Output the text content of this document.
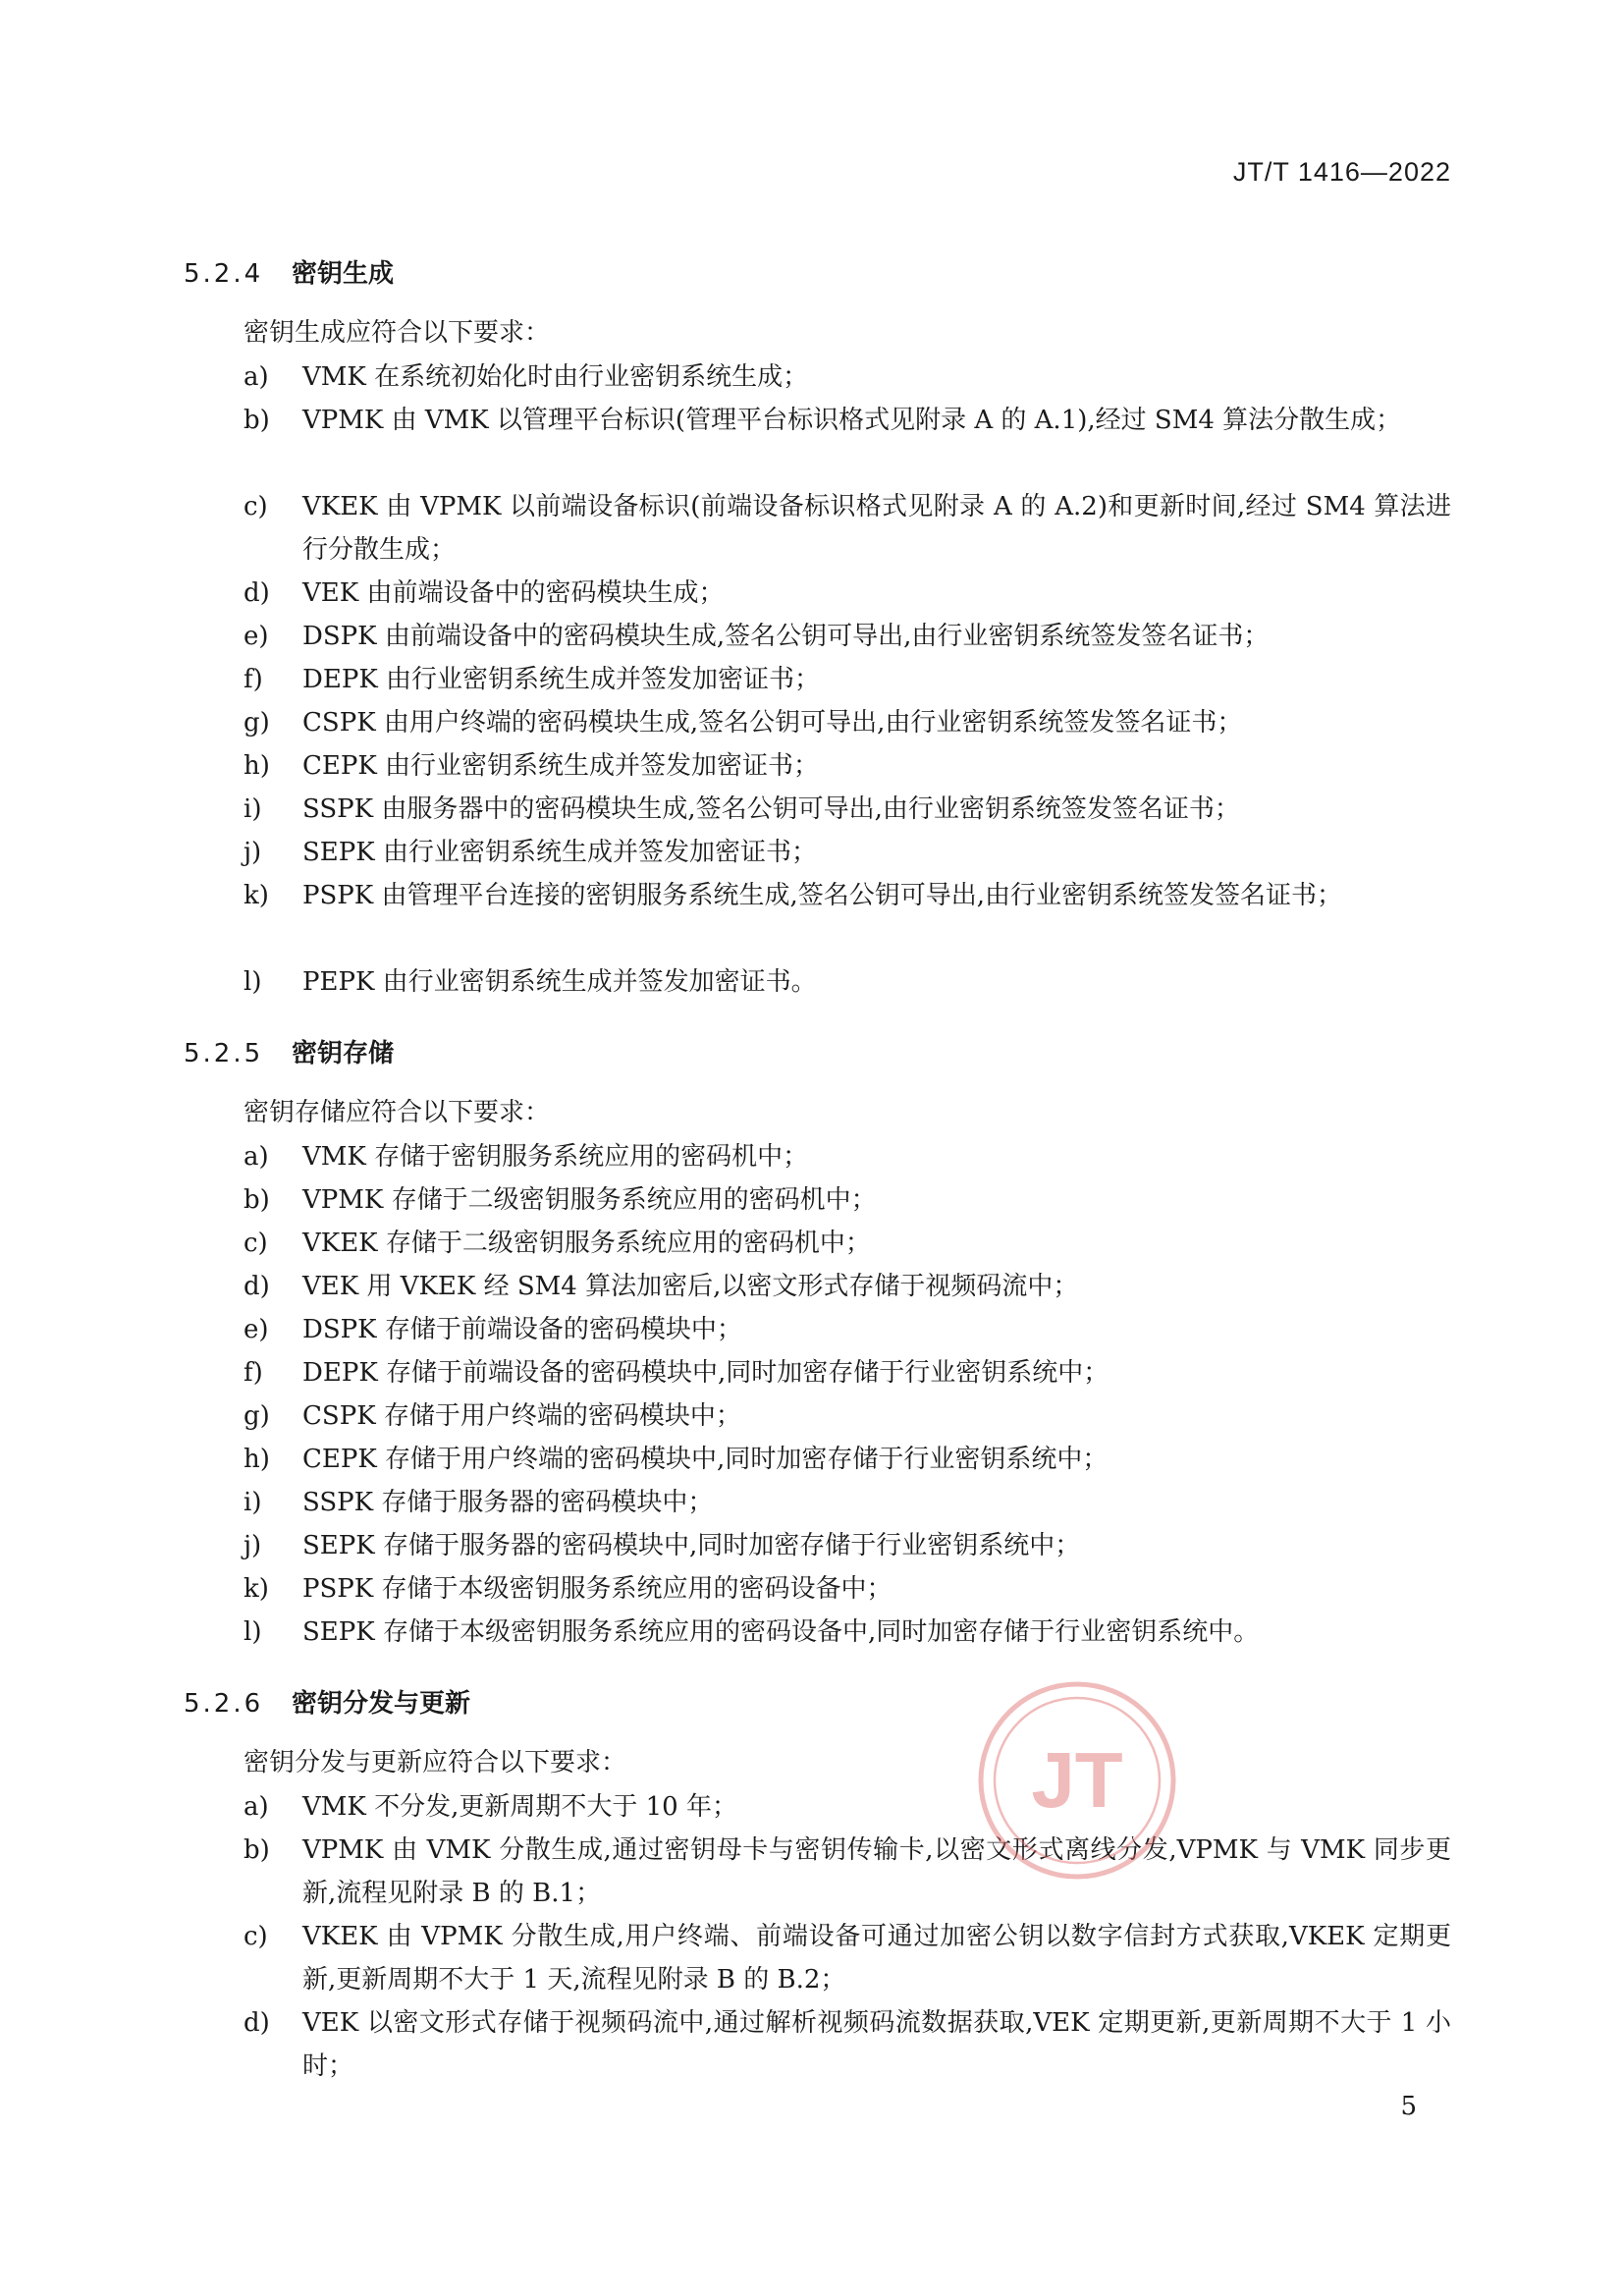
JT/T 1416—2022
5.2.4 密钥生成
密钥生成应符合以下要求：
a)	VMK 在系统初始化时由行业密钥系统生成；
b)	VPMK 由 VMK 以管理平台标识(管理平台标识格式见附录 A 的 A.1),经过 SM4 算法分散生成；
c)	VKEK 由 VPMK 以前端设备标识(前端设备标识格式见附录 A 的 A.2)和更新时间,经过 SM4 算法进行分散生成；
d)	VEK 由前端设备中的密码模块生成；
e)	DSPK 由前端设备中的密码模块生成,签名公钥可导出,由行业密钥系统签发签名证书；
f)	DEPK 由行业密钥系统生成并签发加密证书；
g)	CSPK 由用户终端的密码模块生成,签名公钥可导出,由行业密钥系统签发签名证书；
h)	CEPK 由行业密钥系统生成并签发加密证书；
i)	SSPK 由服务器中的密码模块生成,签名公钥可导出,由行业密钥系统签发签名证书；
j)	SEPK 由行业密钥系统生成并签发加密证书；
k)	PSPK 由管理平台连接的密钥服务系统生成,签名公钥可导出,由行业密钥系统签发签名证书；
l)	PEPK 由行业密钥系统生成并签发加密证书。
5.2.5 密钥存储
密钥存储应符合以下要求：
a)	VMK 存储于密钥服务系统应用的密码机中；
b)	VPMK 存储于二级密钥服务系统应用的密码机中；
c)	VKEK 存储于二级密钥服务系统应用的密码机中；
d)	VEK 用 VKEK 经 SM4 算法加密后,以密文形式存储于视频码流中；
e)	DSPK 存储于前端设备的密码模块中；
f)	DEPK 存储于前端设备的密码模块中,同时加密存储于行业密钥系统中；
g)	CSPK 存储于用户终端的密码模块中；
h)	CEPK 存储于用户终端的密码模块中,同时加密存储于行业密钥系统中；
i)	SSPK 存储于服务器的密码模块中；
j)	SEPK 存储于服务器的密码模块中,同时加密存储于行业密钥系统中；
k)	PSPK 存储于本级密钥服务系统应用的密码设备中；
l)	SEPK 存储于本级密钥服务系统应用的密码设备中,同时加密存储于行业密钥系统中。
5.2.6 密钥分发与更新
密钥分发与更新应符合以下要求：
a)	VMK 不分发,更新周期不大于 10 年；
b)	VPMK 由 VMK 分散生成,通过密钥母卡与密钥传输卡,以密文形式离线分发,VPMK 与 VMK 同步更新,流程见附录 B 的 B.1；
c)	VKEK 由 VPMK 分散生成,用户终端、前端设备可通过加密公钥以数字信封方式获取,VKEK 定期更新,更新周期不大于 1 天,流程见附录 B 的 B.2；
d)	VEK 以密文形式存储于视频码流中,通过解析视频码流数据获取,VEK 定期更新,更新周期不大于 1 小时；
JT
5
